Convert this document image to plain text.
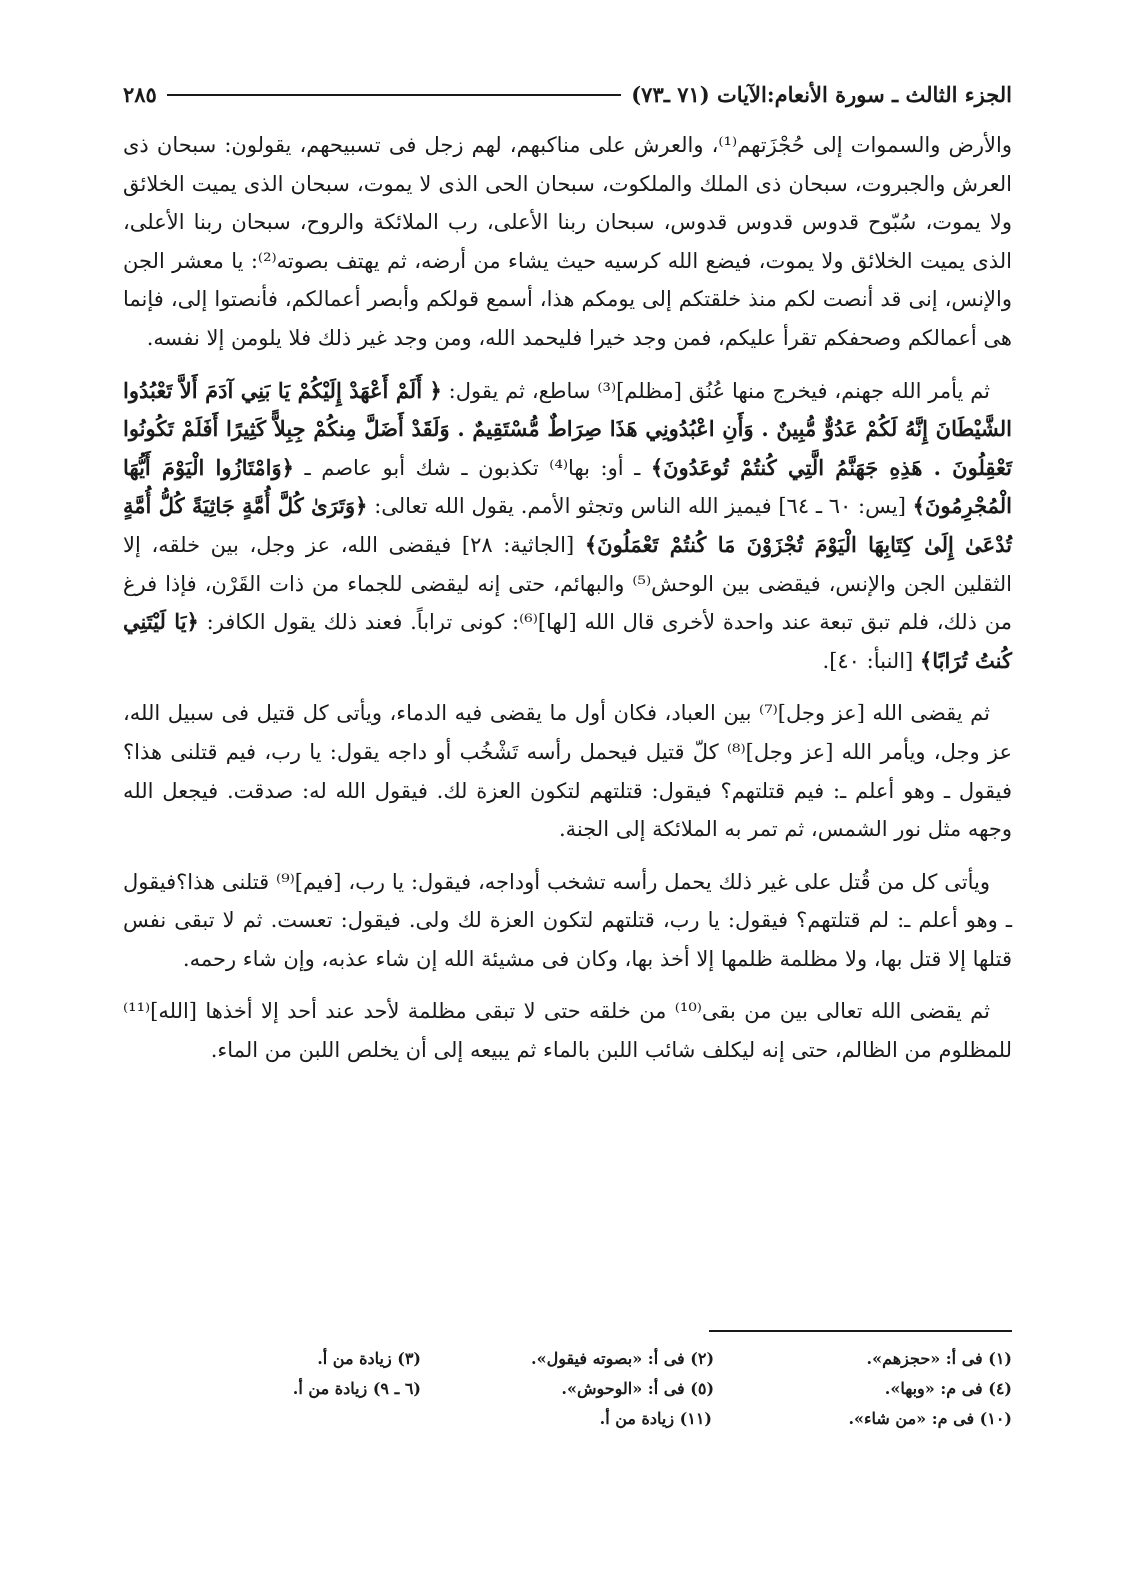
الجزء الثالث ـ سورة الأنعام:الآيات (٧١ ـ٧٣)
٢٨٥

والأرض والسموات إلى حُجْزَتهم⁽¹⁾، والعرش على مناكبهم، لهم زجل فى تسبيحهم، يقولون: سبحان ذى العرش والجبروت، سبحان ذى الملك والملكوت، سبحان الحى الذى لا يموت، سبحان الذى يميت الخلائق ولا يموت، سُبّوح قدوس قدوس قدوس، سبحان ربنا الأعلى، رب الملائكة والروح، سبحان ربنا الأعلى، الذى يميت الخلائق ولا يموت، فيضع الله كرسيه حيث يشاء من أرضه، ثم يهتف بصوته⁽²⁾: يا معشر الجن والإنس، إنى قد أنصت لكم منذ خلقتكم إلى يومكم هذا، أسمع قولكم وأبصر أعمالكم، فأنصتوا إلى، فإنما هى أعمالكم وصحفكم تقرأ عليكم، فمن وجد خيرا فليحمد الله، ومن وجد غير ذلك فلا يلومن إلا نفسه.

ثم يأمر الله جهنم، فيخرج منها عُنُق [مظلم]⁽³⁾ ساطع، ثم يقول: ﴿ أَلَمْ أَعْهَدْ إِلَيْكُمْ يَا بَنِي آدَمَ أَلاَّ تَعْبُدُوا الشَّيْطَانَ إِنَّهُ لَكُمْ عَدُوٌّ مُّبِينٌ . وَأَنِ اعْبُدُونِي هَذَا صِرَاطٌ مُّسْتَقِيمٌ . وَلَقَدْ أَضَلَّ مِنكُمْ جِبِلاًّ كَثِيرًا أَفَلَمْ تَكُونُوا تَعْقِلُونَ . هَذِهِ جَهَنَّمُ الَّتِي كُنتُمْ تُوعَدُونَ﴾ ـ أو: بها⁽⁴⁾ تكذبون ـ شك أبو عاصم ـ ﴿وَامْتَازُوا الْيَوْمَ أَيُّهَا الْمُجْرِمُونَ﴾ [يس: ٦٠ ـ ٦٤] فيميز الله الناس وتجثو الأمم. يقول الله تعالى: ﴿وَتَرَىٰ كُلَّ أُمَّةٍ جَاثِيَةً كُلُّ أُمَّةٍ تُدْعَىٰ إِلَىٰ كِتَابِهَا الْيَوْمَ تُجْزَوْنَ مَا كُنتُمْ تَعْمَلُونَ﴾ [الجاثية: ٢٨] فيقضى الله، عز وجل، بين خلقه، إلا الثقلين الجن والإنس، فيقضى بين الوحش⁽⁵⁾ والبهائم، حتى إنه ليقضى للجماء من ذات القَرْن، فإذا فرغ من ذلك، فلم تبق تبعة عند واحدة لأخرى قال الله [لها]⁽⁶⁾: كونى تراباً. فعند ذلك يقول الكافر: ﴿يَا لَيْتَنِي كُنتُ تُرَابًا﴾ [النبأ: ٤٠].

ثم يقضى الله [عز وجل]⁽⁷⁾ بين العباد، فكان أول ما يقضى فيه الدماء، ويأتى كل قتيل فى سبيل الله، عز وجل، ويأمر الله [عز وجل]⁽⁸⁾ كلّ قتيل فيحمل رأسه تَشْخُب أو داجه يقول: يا رب، فيم قتلنى هذا؟ فيقول ـ وهو أعلم ـ: فيم قتلتهم؟ فيقول: قتلتهم لتكون العزة لك. فيقول الله له: صدقت. فيجعل الله وجهه مثل نور الشمس، ثم تمر به الملائكة إلى الجنة.

ويأتى كل من قُتل على غير ذلك يحمل رأسه تشخب أوداجه، فيقول: يا رب، [فيم]⁽⁹⁾ قتلنى هذا؟فيقول ـ وهو أعلم ـ: لم قتلتهم؟ فيقول: يا رب، قتلتهم لتكون العزة لك ولى. فيقول: تعست. ثم لا تبقى نفس قتلها إلا قتل بها، ولا مظلمة ظلمها إلا أخذ بها، وكان فى مشيئة الله إن شاء عذبه، وإن شاء رحمه.

ثم يقضى الله تعالى بين من بقى⁽¹⁰⁾ من خلقه حتى لا تبقى مظلمة لأحد عند أحد إلا أخذها [الله]⁽¹¹⁾ للمظلوم من الظالم، حتى إنه ليكلف شائب اللبن بالماء ثم يبيعه إلى أن يخلص اللبن من الماء.

(١) فى أ: «حجزهم».
(٢) فى أ: «بصوته فيقول».
(٣) زيادة من أ.
(٤) فى م: «وبها».
(٥) فى أ: «الوحوش».
(٦ ـ ٩) زيادة من أ.
(١٠) فى م: «من شاء».
(١١) زيادة من أ.
